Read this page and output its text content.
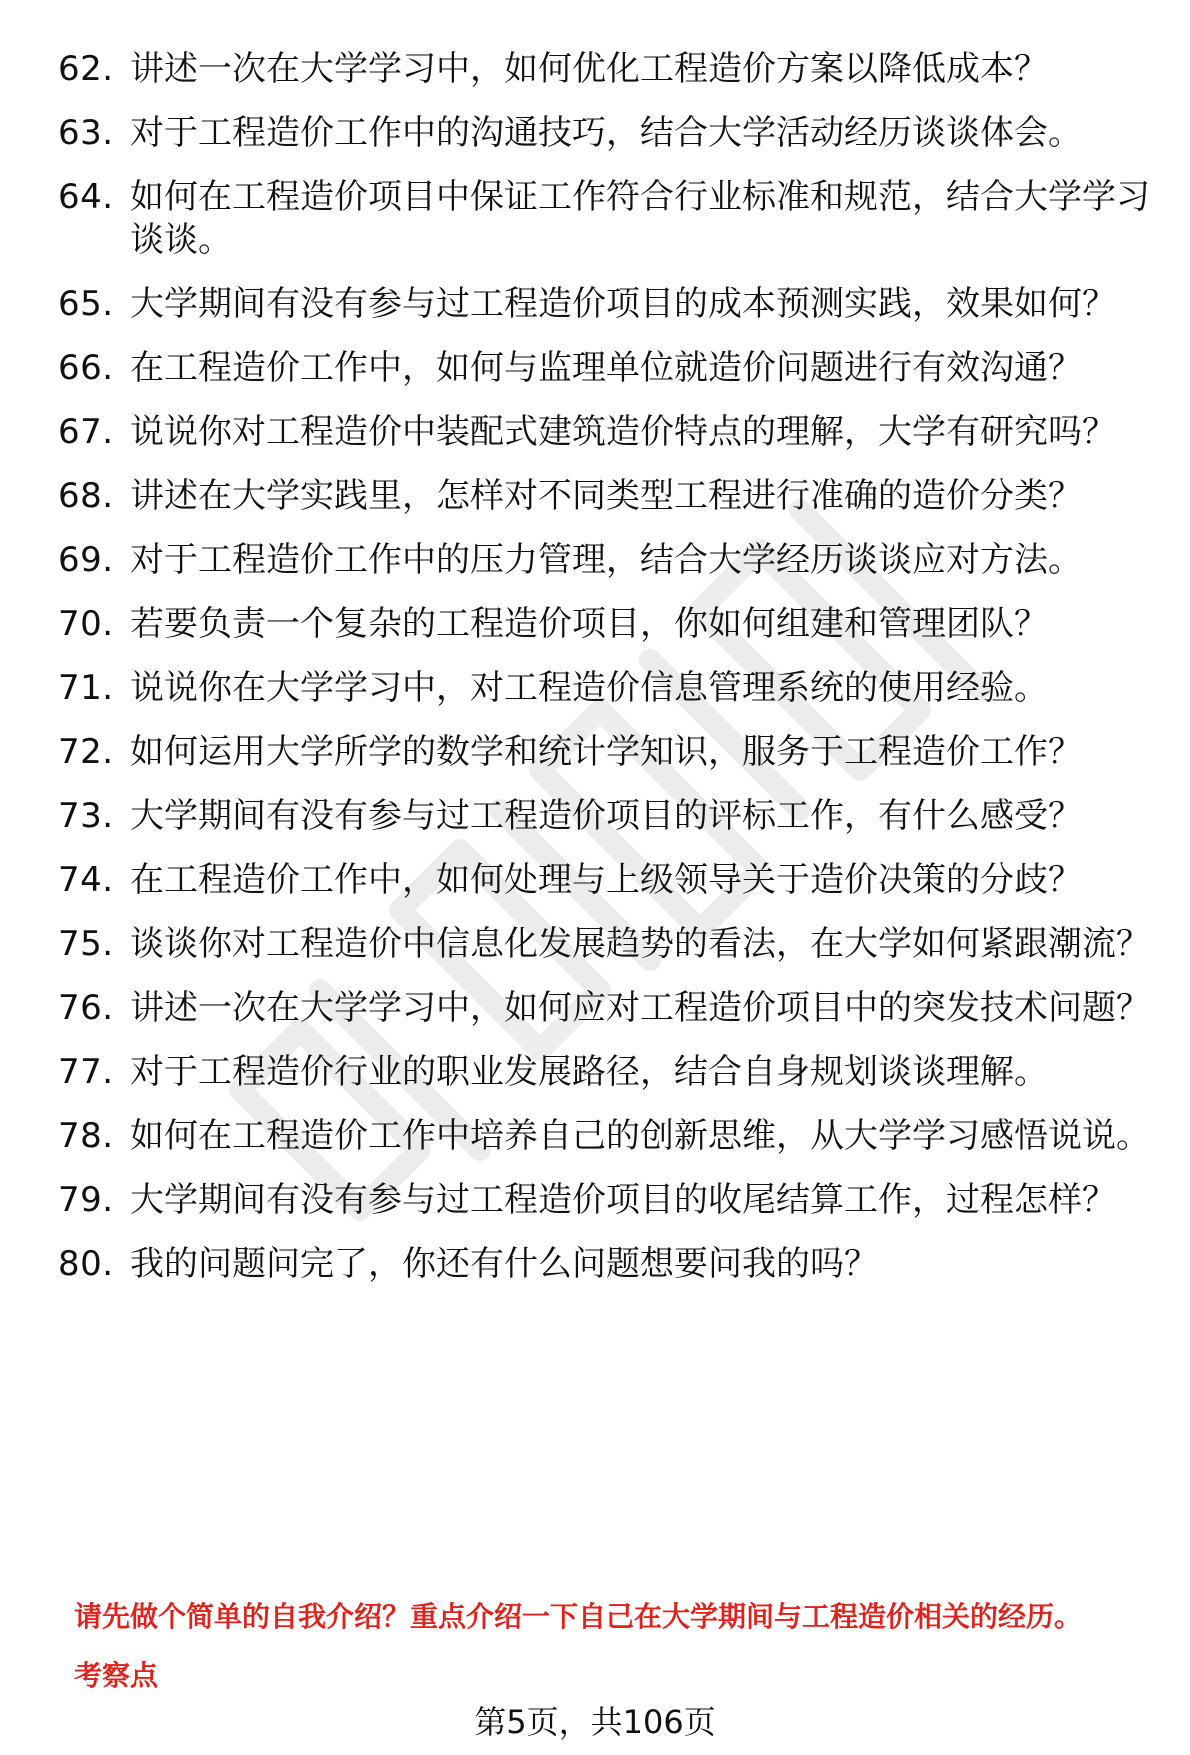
62. 讲述一次在大学学习中，如何优化工程造价方案以降低成本？
63. 对于工程造价工作中的沟通技巧，结合大学活动经历谈谈体会。
64. 如何在工程造价项目中保证工作符合行业标准和规范，结合大学学习谈谈。
65. 大学期间有没有参与过工程造价项目的成本预测实践，效果如何？
66. 在工程造价工作中，如何与监理单位就造价问题进行有效沟通？
67. 说说你对工程造价中装配式建筑造价特点的理解，大学有研究吗？
68. 讲述在大学实践里，怎样对不同类型工程进行准确的造价分类？
69. 对于工程造价工作中的压力管理，结合大学经历谈谈应对方法。
70. 若要负责一个复杂的工程造价项目，你如何组建和管理团队？
71. 说说你在大学学习中，对工程造价信息管理系统的使用经验。
72. 如何运用大学所学的数学和统计学知识，服务于工程造价工作？
73. 大学期间有没有参与过工程造价项目的评标工作，有什么感受？
74. 在工程造价工作中，如何处理与上级领导关于造价决策的分歧？
75. 谈谈你对工程造价中信息化发展趋势的看法，在大学如何紧跟潮流？
76. 讲述一次在大学学习中，如何应对工程造价项目中的突发技术问题？
77. 对于工程造价行业的职业发展路径，结合自身规划谈谈理解。
78. 如何在工程造价工作中培养自己的创新思维，从大学学习感悟说说。
79. 大学期间有没有参与过工程造价项目的收尾结算工作，过程怎样？
80. 我的问题问完了，你还有什么问题想要问我的吗？
请先做个简单的自我介绍？重点介绍一下自己在大学期间与工程造价相关的经历。
考察点
第5页，共106页
